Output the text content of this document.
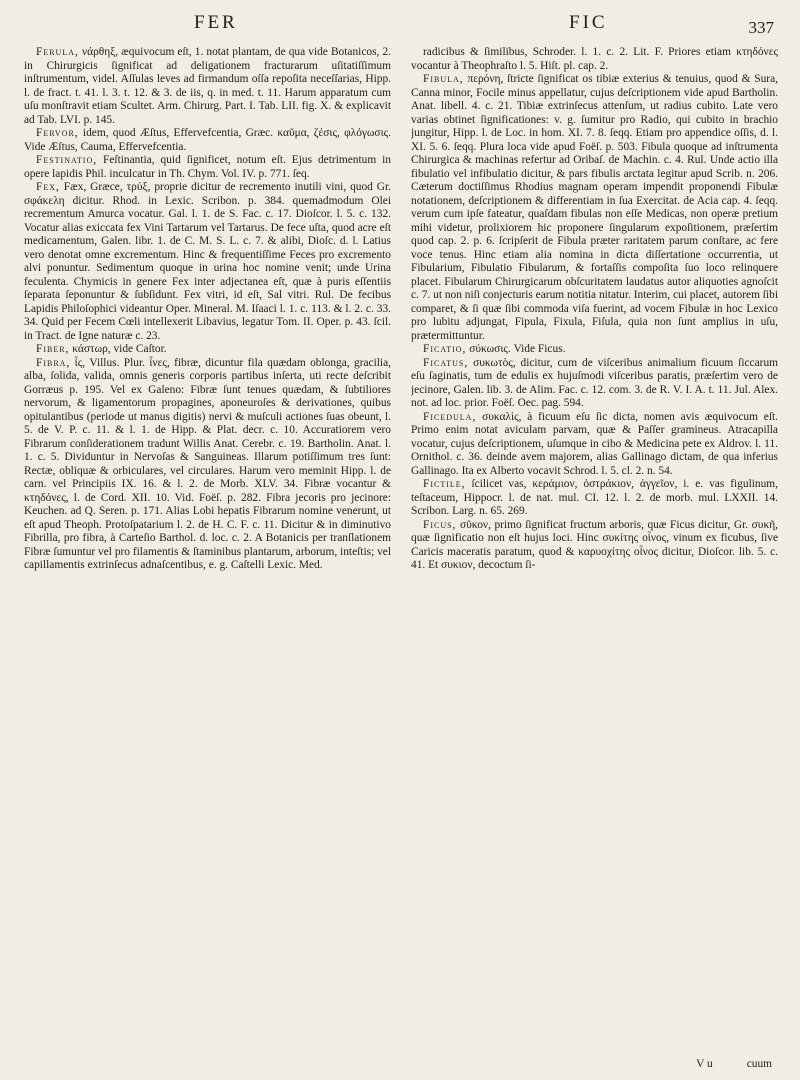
FER	FIC	337

Ferula, νάρθηξ, æquivocum eſt, 1. notat plantam, de qua vide Botanicos, 2. in Chirurgicis ſignificat ad deligationem fracturarum uſitatiſſimum inſtrumentum, videl. Aſſulas leves ad firmandum oſſa repoſita neceſſarias, Hipp. l. de fract. t. 41. l. 3. t. 12. & 3. de iis, q. in med. t. 11. Harum apparatum cum uſu monſtravit etiam Scultet. Arm. Chirurg. Part. I. Tab. LII. fig. X. & explicavit ad Tab. LVI. p. 145.

Fervor, idem, quod Æſtus, Effervefcentia, Græc. καῦμα, ζέσις, φλόγωσις. Vide Æſtus, Cauma, Effervefcentia.

Festinatio, Feſtinantia, quid ſignificet, notum eſt. Ejus detrimentum in opere lapidis Phil. inculcatur in Th. Chym. Vol. IV. p. 771. ſeq.

Fex, Fæx, Græce, τρύξ, proprie dicitur de recremento inutili vini, quod Gr. σφάκελη dicitur. Rhod. in Lexic. Scribon. p. 384. quemadmodum Olei recrementum Amurca vocatur. Gal. l. 1. de S. Fac. c. 17. Dioſcor. l. 5. c. 132. Vocatur alias exiccata fex Vini Tartarum vel Tartarus. De fece uſta, quod acre eſt medicamentum, Galen. libr. 1. de C. M. S. L. c. 7. & alibi, Dioſc. d. l. Latius vero denotat omne excrementum. Hinc & frequentiſſime Feces pro excremento alvi ponuntur. Sedimentum quoque in urina hoc nomine venit; unde Urina feculenta. Chymicis in genere Fex inter adjectanea eſt, quæ à puris eſſentiis ſeparata ſeponuntur & ſubſidunt. Fex vitri, id eſt, Sal vitri. Rul. De fecibus Lapidis Philoſophici videantur Oper. Mineral. M. Iſaaci l. 1. c. 113. & l. 2. c. 33. 34. Quid per Fecem Cœli intellexerit Libavius, legatur Tom. II. Oper. p. 43. ſcil. in Tract. de Igne naturæ c. 23.

Fiber, κάστωρ, vide Caſtor.

Fibra, ἶς, Villus. Plur. ἶνες, fibræ, dicuntur fila quædam oblonga, gracilia, alba, ſolida, valida, omnis generis corporis partibus inſerta, uti recte deſcribit Gorræus p. 195. Vel ex Galeno: Fibræ ſunt tenues quædam, & ſubtiliores nervorum, & ligamentorum propagines, aponeuroſes & derivationes, quibus opitulantibus (periode ut manus digitis) nervi & muſculi actiones ſuas obeunt, l. 5. de V. P. c. 11. & l. 1. de Hipp. & Plat. decr. c. 10. Accuratiorem vero Fibrarum conſiderationem tradunt Willis Anat. Cerebr. c. 19. Bartholin. Anat. l. 1. c. 5. Dividuntur in Nervoſas & Sanguineas. Illarum potiſſimum tres ſunt: Rectæ, obliquæ & orbiculares, vel circulares. Harum vero meminit Hipp. l. de carn. vel Principiis IX. 16. & l. 2. de Morb. XLV. 34. Fibræ vocantur & κτηδόνες, l. de Cord. XII. 10. Vid. Foëſ. p. 282. Fibra jecoris pro jecinore: Keuchen. ad Q. Seren. p. 171. Alias Lobi hepatis Fibrarum nomine venerunt, ut eſt apud Theoph. Protoſpatarium l. 2. de H. C. F. c. 11. Dicitur & in diminutivo Fibrilla, pro fibra, à Carteſio Barthol. d. loc. c. 2. A Botanicis per tranſlationem Fibræ ſumuntur vel pro filamentis & ſtaminibus plantarum, arborum, inteſtis; vel capillamentis extrinſecus adnaſcentibus, e. g. Caſtelli Lexic. Med.

radicibus & ſimilibus, Schroder. l. 1. c. 2. Lit. F. Priores etiam κτηδόνες vocantur à Theophraſto l. 5. Hiſt. pl. cap. 2.

Fibula, περόνη, ſtricte ſignificat os tibiæ exterius & tenuius, quod & Sura, Canna minor, Focile minus appellatur, cujus deſcriptionem vide apud Bartholin. Anat. libell. 4. c. 21. Tibiæ extrinſecus attenſum, ut radius cubito. Late vero varias obtinet ſignificationes: v. g. ſumitur pro Radio, qui cubito in brachio jungitur, Hipp. l. de Loc. in hom. XI. 7. 8. ſeqq. Etiam pro appendice oſſis, d. l. XI. 5. 6. ſeqq. Plura loca vide apud Foëſ. p. 503. Fibula quoque ad inſtrumenta Chirurgica & machinas refertur ad Oribaſ. de Machin. c. 4. Rul. Unde actio illa fibulatio vel infibulatio dicitur, & pars fibulis arctata legitur apud Scrib. n. 206. Cæterum doctiſſimus Rhodius magnam operam impendit proponendi Fibulæ notationem, deſcriptionem & differentiam in ſua Exercitat. de Acia cap. 4. ſeqq. verum cum ipſe fateatur, quaſdam fibulas non eſſe Medicas, non operæ pretium mihi videtur, prolixiorem hic proponere ſingularum expoſitionem, præſertim quod cap. 2. p. 6. ſcripſerit de Fibula præter raritatem parum conſtare, ac fere voce tenus. Hinc etiam alia nomina in dicta diſſertatione occurrentia, ut Fibularium, Fibulatio Fibularum, & fortaſſis compoſita ſuo loco relinquere placet. Fibularum Chirurgicarum obſcuritatem laudatus autor aliquoties agnoſcit c. 7. ut non niſi conjecturis earum notitia nitatur. Interim, cui placet, autorem ſibi comparet, & ſi quæ ſibi commoda viſa fuerint, ad vocem Fibulæ in hoc Lexico pro lubitu adjungat, Fipula, Fixula, Fiſula, quia non ſunt amplius in uſu, prætermittuntur.

Ficatio, σύκωσις. Vide Ficus.

Ficatus, συκωτὸς, dicitur, cum de viſceribus animalium ficuum ſiccarum eſu ſaginatis, tum de edulis ex hujuſmodi viſceribus paratis, præſertim vero de jecinore, Galen. lib. 3. de Alim. Fac. c. 12. com. 3. de R. V. I. A. t. 11. Jul. Alex. not. ad loc. prior. Foëſ. Oec. pag. 594.

Ficedula, συκαλὶς, à ficuum eſu ſic dicta, nomen avis æquivocum eſt. Primo enim notat aviculam parvam, quæ & Paſſer gramineus. Atracapilla vocatur, cujus deſcriptionem, uſumque in cibo & Medicina pete ex Aldrov. l. 11. Ornithol. c. 36. deinde avem majorem, alias Gallinago dictam, de qua inferius Gallinago. Ita ex Alberto vocavit Schrod. l. 5. cl. 2. n. 54.

Fictile, ſcilicet vas, κεράμιον, ὀστράκιον, ἀγγεῖον, i. e. vas figulinum, teſtaceum, Hippocr. l. de nat. mul. CI. 12. l. 2. de morb. mul. LXXII. 14. Scribon. Larg. n. 65. 269.

Ficus, σῦκον, primo ſignificat fructum arboris, quæ Ficus dicitur, Gr. συκῆ, quæ ſignificatio non eſt hujus loci. Hinc συκίτης οἶνος, vinum ex ficubus, ſive Caricis maceratis paratum, quod & καρυοχίτης οἶνος dicitur, Dioſcor. lib. 5. c. 41. Et συκιον, decoctum ſi-

V u	cuum
